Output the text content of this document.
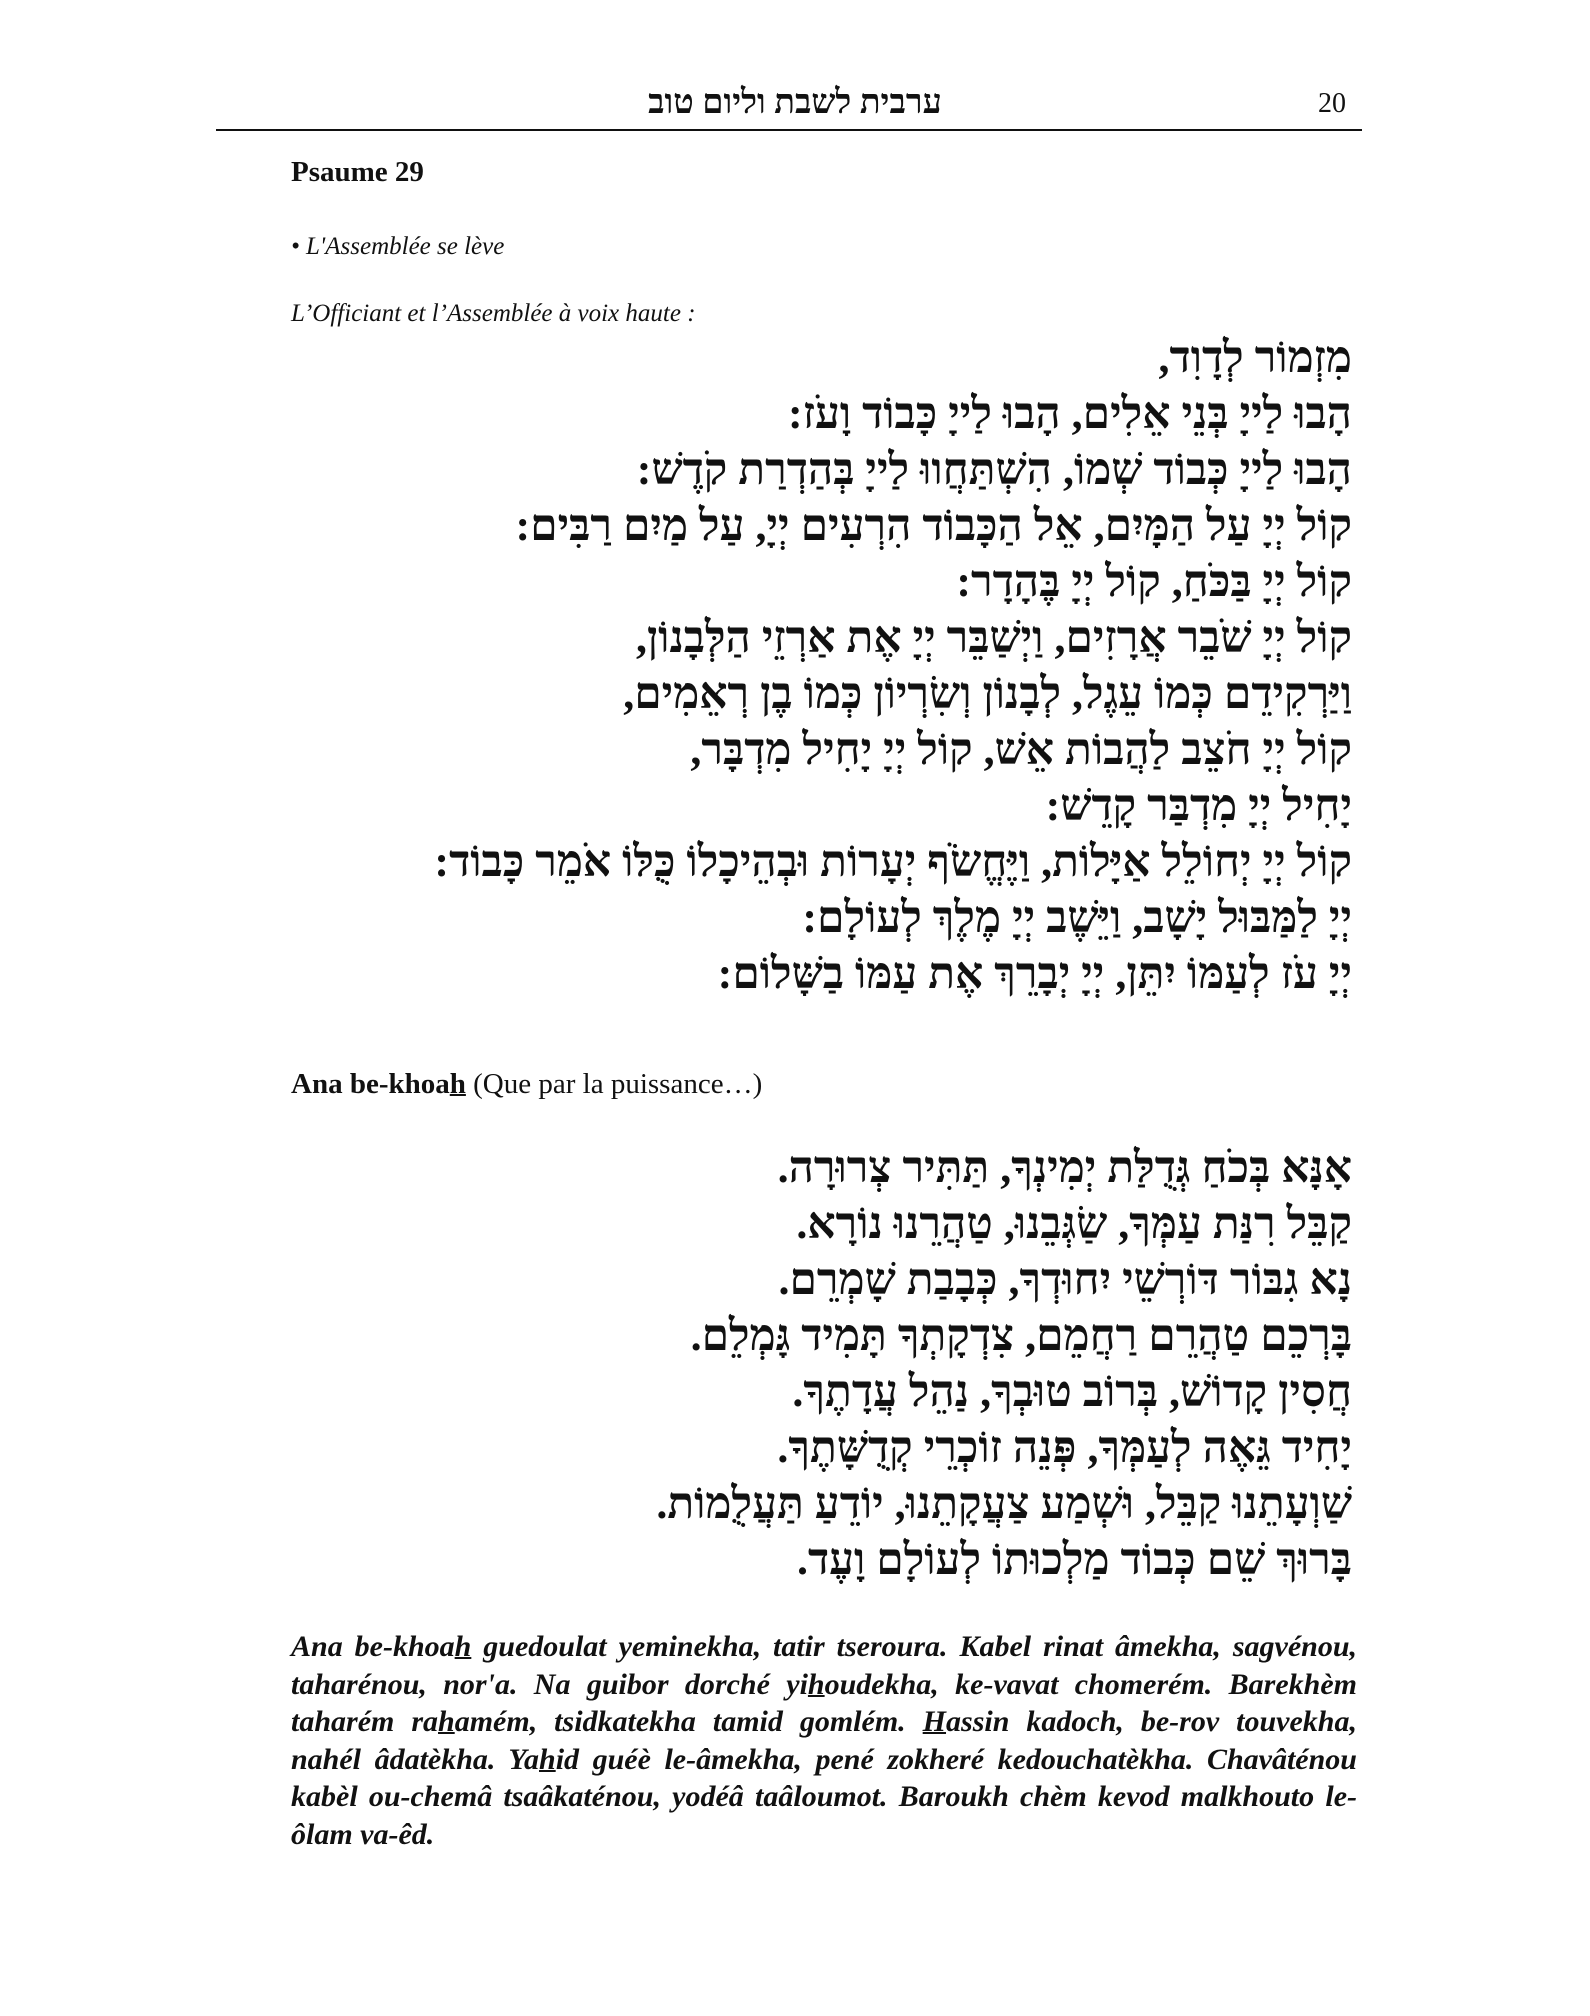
ערבית לשבת וליום טוב	20
Psaume 29
• L'Assemblée se lève
L’Officiant et l’Assemblée à voix haute :
מִזְמוֹר לְדָוִד,
הָבוּ לַייָ בְּנֵי אֵלִים, הָבוּ לַייָ כָּבוֹד וָעֹז:
הָבוּ לַייָ כְּבוֹד שְׁמוֹ, הִשְׁתַּחֲווּ לַייָ בְּהַדְרַת קֹדֶשׁ:
קוֹל יְיָ עַל הַמָּיִם, אֵל הַכָּבוֹד הִרְעִים יְיָ, עַל מַיִם רַבִּים:
קוֹל יְיָ בַּכֹּחַ, קוֹל יְיָ בֶּהָדָר:
קוֹל יְיָ שֹׁבֵר אֲרָזִים, וַיְשַׁבֵּר יְיָ אֶת אַרְזֵי הַלְּבָנוֹן,
וַיַּרְקִידֵם כְּמוֹ עֵגֶל, לְבָנוֹן וְשִׂרְיוֹן כְּמוֹ בֶן רְאֵמִים,
קוֹל יְיָ חֹצֵב לַהֲבוֹת אֵשׁ, קוֹל יְיָ יָחִיל מִדְבָּר,
יָחִיל יְיָ מִדְבַּר קָדֵשׁ:
קוֹל יְיָ יְחוֹלֵל אַיָּלוֹת, וַיֶּחֱשֹׂף יְעָרוֹת וּבְהֵיכָלוֹ כֻּלּוֹ אֹמֵר כָּבוֹד:
יְיָ לַמַּבּוּל יָשָׁב, וַיֵּשֶׁב יְיָ מֶלֶךְ לְעוֹלָם:
יְיָ עֹז לְעַמּוֹ יִתֵּן, יְיָ יְבָרֵךְ אֶת עַמּוֹ בַשָּׁלוֹם:
Ana be-khoah (Que par la puissance…)
אָנָּא בְּכֹחַ גְּדֻלַּת יְמִינְךָ, תַּתִּיר צְרוּרָה.
קַבֵּל רִנַּת עַמְּךָ, שַׂגְּבֵנוּ, טַהֲרֵנוּ נוֹרָא.
נָא גִבּוֹר דּוֹרְשֵׁי יִחוּדְךָ, כְּבָבַת שָׁמְרֵם.
בָּרְכֵם טַהֲרֵם רַחֲמֵם, צִדְקָתְךָ תָּמִיד גָּמְלֵם.
חֲסִין קָדוֹשׁ, בְּרוֹב טוּבְךָ, נַהֵל עֲדָתֶךָ.
יָחִיד גֵּאֶה לְעַמְּךָ, פְּנֵה זוֹכְרֵי קְדֻשָּׁתֶךָ.
שַׁוְעָתֵנוּ קַבֵּל, וּשְׁמַע צַעֲקָתֵנוּ, יוֹדֵעַ תַּעֲלֻמוֹת.
בָּרוּךְ שֵׁם כְּבוֹד מַלְכוּתוֹ לְעוֹלָם וָעֶד.
Ana be-khoah guedoulat yeminekha, tatir tseroura. Kabel rinat âmekha, sagvénou, taharénou, nor'a. Na guibor dorché yihoudekha, ke-vavat chomerém. Barekhèm taharém rahamém, tsidkatekha tamid gomlém. Hassin kadoch, be-rov touvekha, nahél âdatèkha. Yahid guéè le-âmekha, pené zokheré kedouchatèkha. Chavâténou kabèl ou-chemâ tsaâkaténou, yodéâ taâloumot. Baroukh chèm kevod malkhouto le-ôlam va-êd.
